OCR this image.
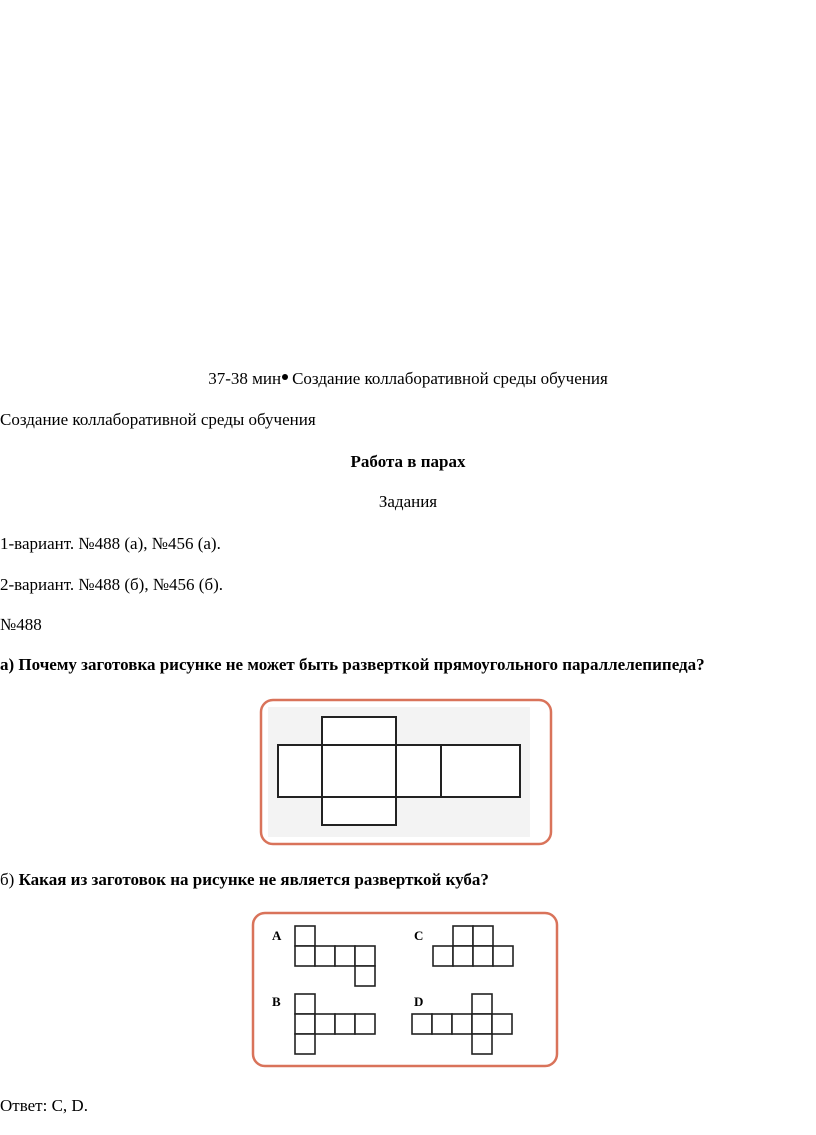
37-38 мин Создание коллаборативной среды обучения
Создание коллаборативной среды обучения
Работа в парах
Задания
1-вариант. №488 (а), №456 (а).
2-вариант. №488 (б), №456 (б).
№488
а) Почему заготовка рисунке не может быть разверткой прямоугольного параллелепипеда?
б) Какая из заготовок на рисунке не является разверткой куба?
A	C
B	D
Ответ: С, D.
